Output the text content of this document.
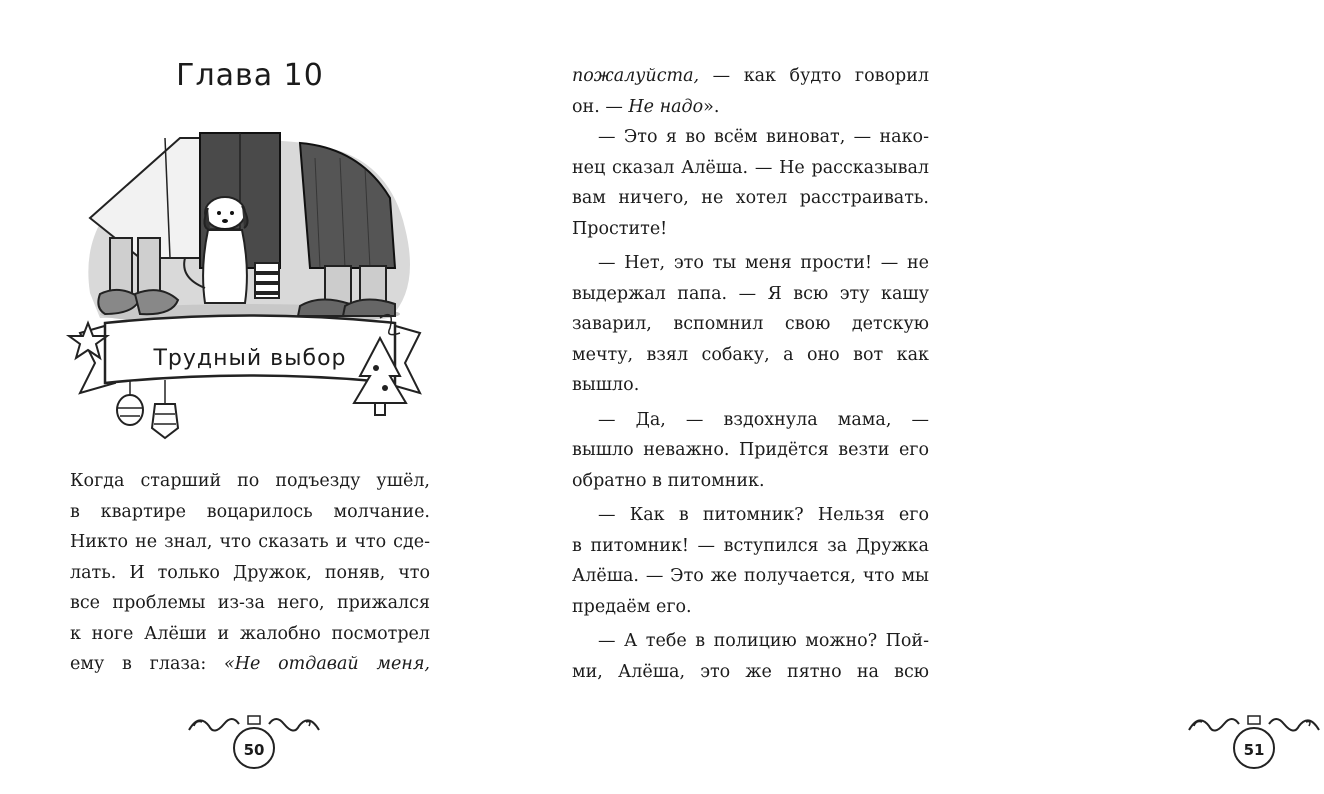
Глава 10
Трудный выбор
Когда старший по подъезду ушёл,
в квартире воцарилось молчание.
Никто не знал, что сказать и что сде-
лать. И только Дружок, поняв, что
все проблемы из-за него, прижался
к ноге Алёши и жалобно посмотрел
ему в глаза: «Не отдавай меня,
50
пожалуйста, — как будто говорил
он. — Не надо».
— Это я во всём виноват, — нако-
нец сказал Алёша. — Не рассказывал
вам ничего, не хотел расстраивать.
Простите!
— Нет, это ты меня прости! — не
выдержал папа. — Я всю эту кашу
заварил, вспомнил свою детскую
мечту, взял собаку, а оно вот как
вышло.
— Да, — вздохнула мама, —
вышло неважно. Придётся везти его
обратно в питомник.
— Как в питомник? Нельзя его
в питомник! — вступился за Дружка
Алёша. — Это же получается, что мы
предаём его.
— А тебе в полицию можно? Пой-
ми, Алёша, это же пятно на всю
51
